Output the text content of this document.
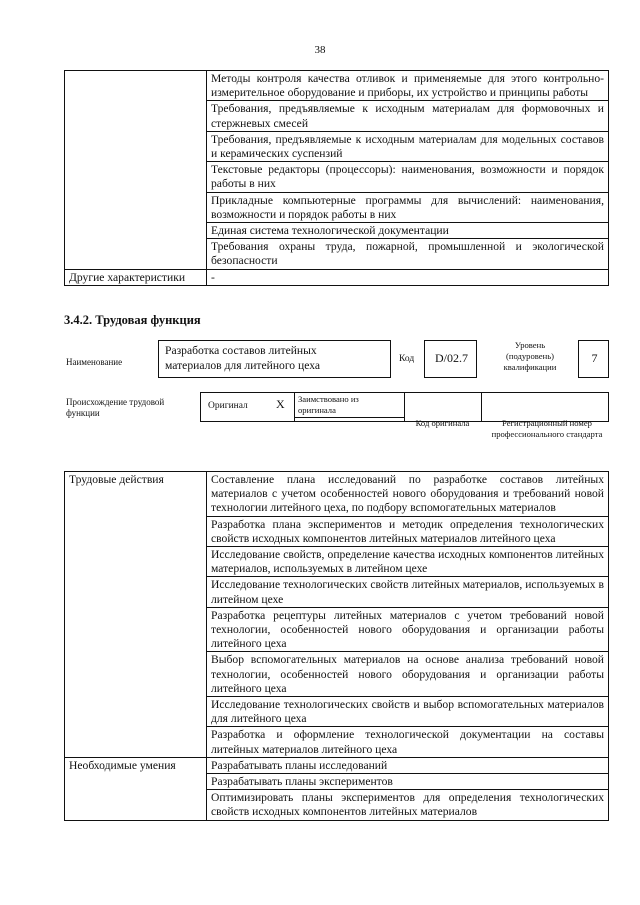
38
	Методы контроля качества отливок и применяемые для этого контрольно-измерительное оборудование и приборы, их устройство и принципы работы
	Требования, предъявляемые к исходным материалам для формовочных и стержневых смесей
	Требования, предъявляемые к исходным материалам для модельных составов и керамических суспензий
	Текстовые редакторы (процессоры): наименования, возможности и порядок работы в них
	Прикладные компьютерные программы для вычислений: наименования, возможности и порядок работы в них
	Единая система технологической документации
	Требования охраны труда, пожарной, промышленной и экологической безопасности
Другие характеристики	-
3.4.2. Трудовая функция
Наименование
Разработка составов литейных материалов для литейного цеха	Код	D/02.7
Уровень (подуровень) квалификации
7
Происхождение трудовой функции
Оригинал X Заимствовано из оригинала
Код оригинала	Регистрационный номер профессионального стандарта
Трудовые действия	Составление плана исследований по разработке составов литейных материалов с учетом особенностей нового оборудования и требований новой технологии литейного цеха, по подбору вспомогательных материалов
	Разработка плана экспериментов и методик определения технологических свойств исходных компонентов литейных материалов литейного цеха
	Исследование свойств, определение качества исходных компонентов литейных материалов, используемых в литейном цехе
	Исследование технологических свойств литейных материалов, используемых в литейном цехе
	Разработка рецептуры литейных материалов с учетом требований новой технологии, особенностей нового оборудования и организации работы литейного цеха
	Выбор вспомогательных материалов на основе анализа требований новой технологии, особенностей нового оборудования и организации работы литейного цеха
	Исследование технологических свойств и выбор вспомогательных материалов для литейного цеха
	Разработка и оформление технологической документации на составы литейных материалов литейного цеха
Необходимые умения	Разрабатывать планы исследований
	Разрабатывать планы экспериментов
	Оптимизировать планы экспериментов для определения технологических свойств исходных компонентов литейных материалов
